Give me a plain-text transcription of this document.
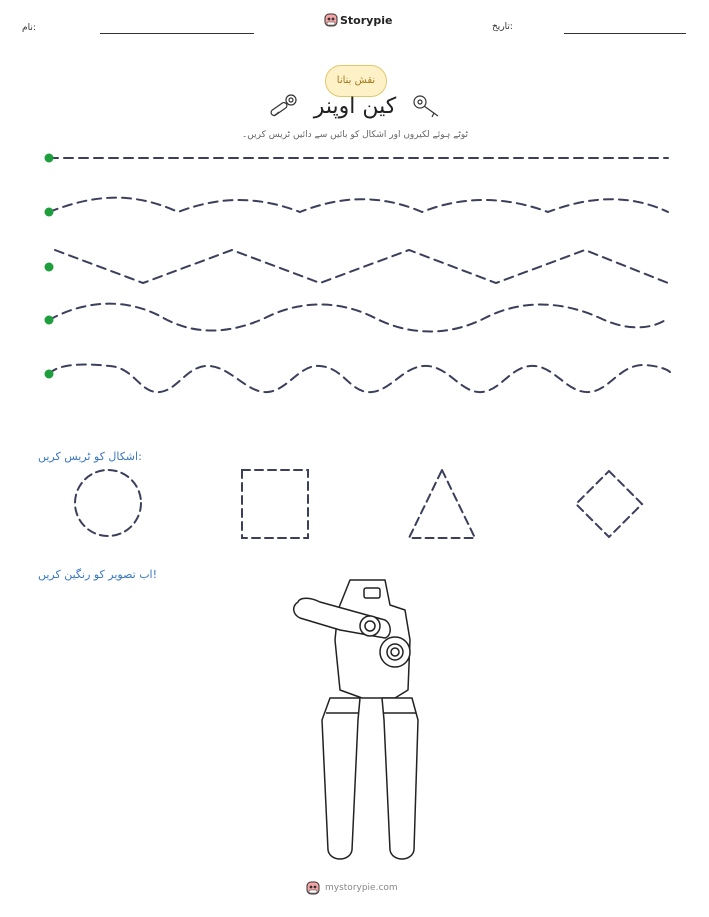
نام:
Storypie	تاریخ:
نقش بنانا
کین اوپنر
ٹوٹے ہوئے لکیروں اور اشکال کو بائیں سے دائیں ٹریس کریں۔
اشکال کو ٹریس کریں:
اب تصویر کو رنگین کریں!
mystorypie.com
